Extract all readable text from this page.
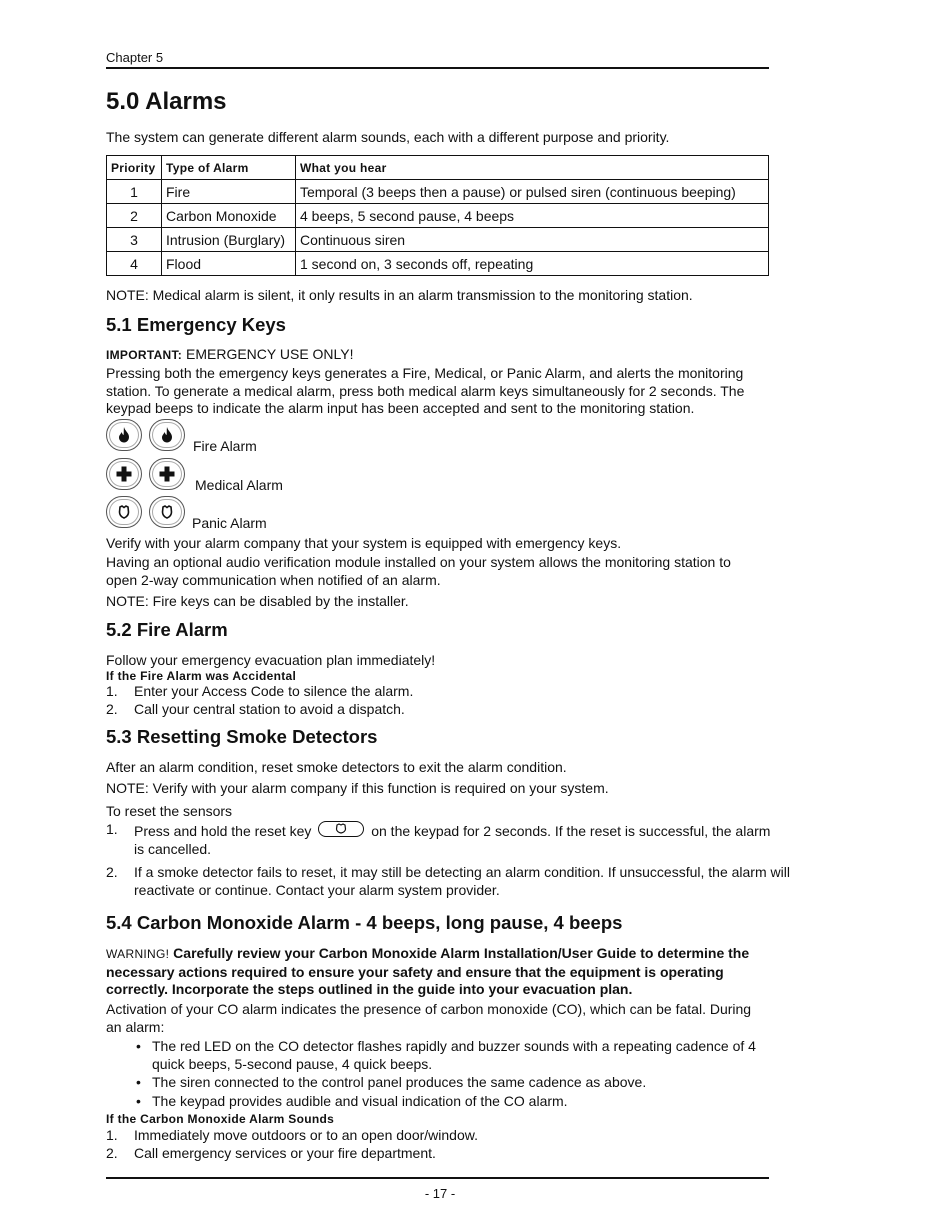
Chapter 5
5.0 Alarms

The system can generate different alarm sounds, each with a different purpose and priority.

Priority	Type of Alarm	What you hear
1	Fire	Temporal (3 beeps then a pause) or pulsed siren (continuous beeping)
2	Carbon Monoxide	4 beeps, 5 second pause, 4 beeps
3	Intrusion (Burglary)	Continuous siren
4	Flood	1 second on, 3 seconds off, repeating

NOTE: Medical alarm is silent, it only results in an alarm transmission to the monitoring station.

5.1 Emergency Keys

IMPORTANT: EMERGENCY USE ONLY!

Pressing both the emergency keys generates a Fire, Medical, or Panic Alarm, and alerts the monitoring station. To generate a medical alarm, press both medical alarm keys simultaneously for 2 seconds. The keypad beeps to indicate the alarm input has been accepted and sent to the monitoring station.

Fire Alarm
Medical Alarm
Panic Alarm

Verify with your alarm company that your system is equipped with emergency keys.

Having an optional audio verification module installed on your system allows the monitoring station to open 2-way communication when notified of an alarm.

NOTE: Fire keys can be disabled by the installer.

5.2 Fire Alarm

Follow your emergency evacuation plan immediately!

If the Fire Alarm was Accidental

1. Enter your Access Code to silence the alarm.
2. Call your central station to avoid a dispatch.
5.3 Resetting Smoke Detectors

After an alarm condition, reset smoke detectors to exit the alarm condition.

NOTE: Verify with your alarm company if this function is required on your system.

To reset the sensors

1. Press and hold the reset key	on the keypad for 2 seconds. If the reset is successful, the alarm is cancelled.
2. If a smoke detector fails to reset, it may still be detecting an alarm condition. If unsuccessful, the alarm will reactivate or continue. Contact your alarm system provider.
5.4 Carbon Monoxide Alarm - 4 beeps, long pause, 4 beeps

WARNING! Carefully review your Carbon Monoxide Alarm Installation/User Guide to determine the necessary actions required to ensure your safety and ensure that the equipment is operating correctly. Incorporate the steps outlined in the guide into your evacuation plan.

Activation of your CO alarm indicates the presence of carbon monoxide (CO), which can be fatal. During an alarm:

• The red LED on the CO detector flashes rapidly and buzzer sounds with a repeating cadence of 4 quick beeps, 5-second pause, 4 quick beeps.
• The siren connected to the control panel produces the same cadence as above.
• The keypad provides audible and visual indication of the CO alarm.

If the Carbon Monoxide Alarm Sounds

1. Immediately move outdoors or to an open door/window.
2. Call emergency services or your fire department.
- 17 -
